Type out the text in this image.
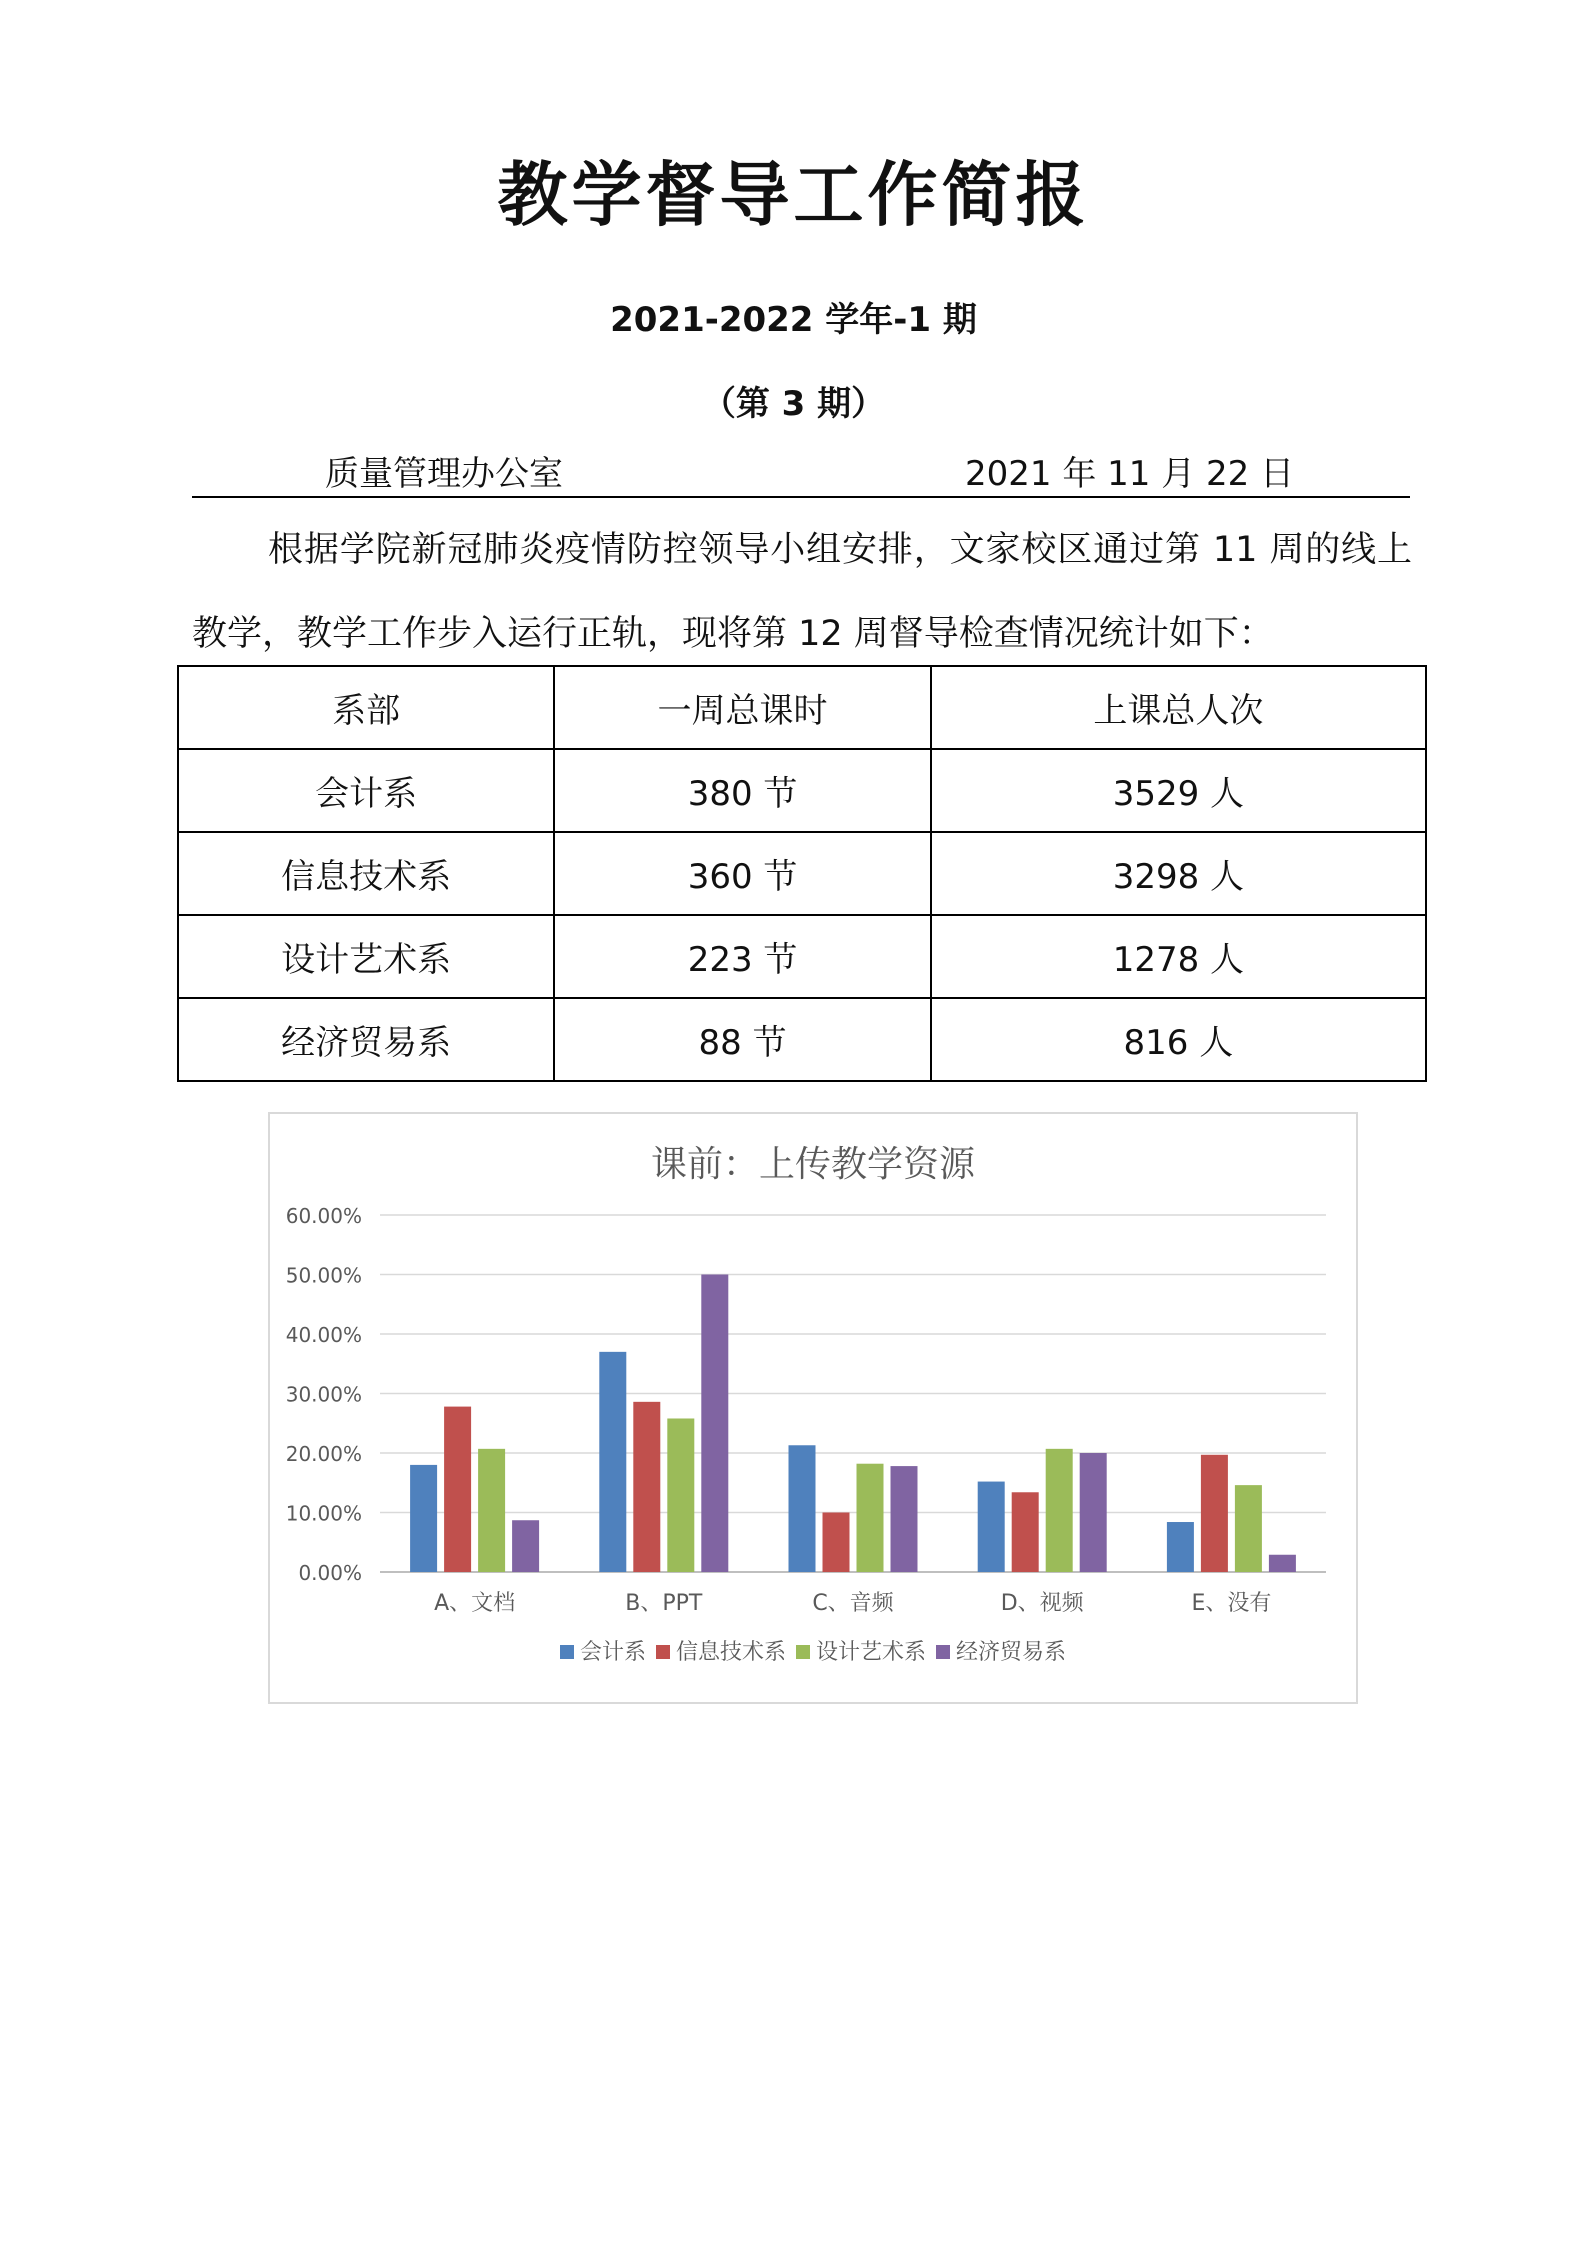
教学督导工作简报
2021-2022 学年-1 期
（第 3 期）
质量管理办公室	2021 年 11 月 22 日
根据学院新冠肺炎疫情防控领导小组安排，文家校区通过第 11 周的线上教学，教学工作步入运行正轨，现将第 12 周督导检查情况统计如下：
系部	一周总课时	上课总人次
会计系	380 节	3529 人
信息技术系	360 节	3298 人
设计艺术系	223 节	1278 人
经济贸易系	88 节	816 人
课前：上传教学资源
0.00%
10.00%
20.00%
30.00%
40.00%
50.00%
60.00%
A、文档	B、PPT	C、音频	D、视频	E、没有
会计系 信息技术系 设计艺术系 经济贸易系
